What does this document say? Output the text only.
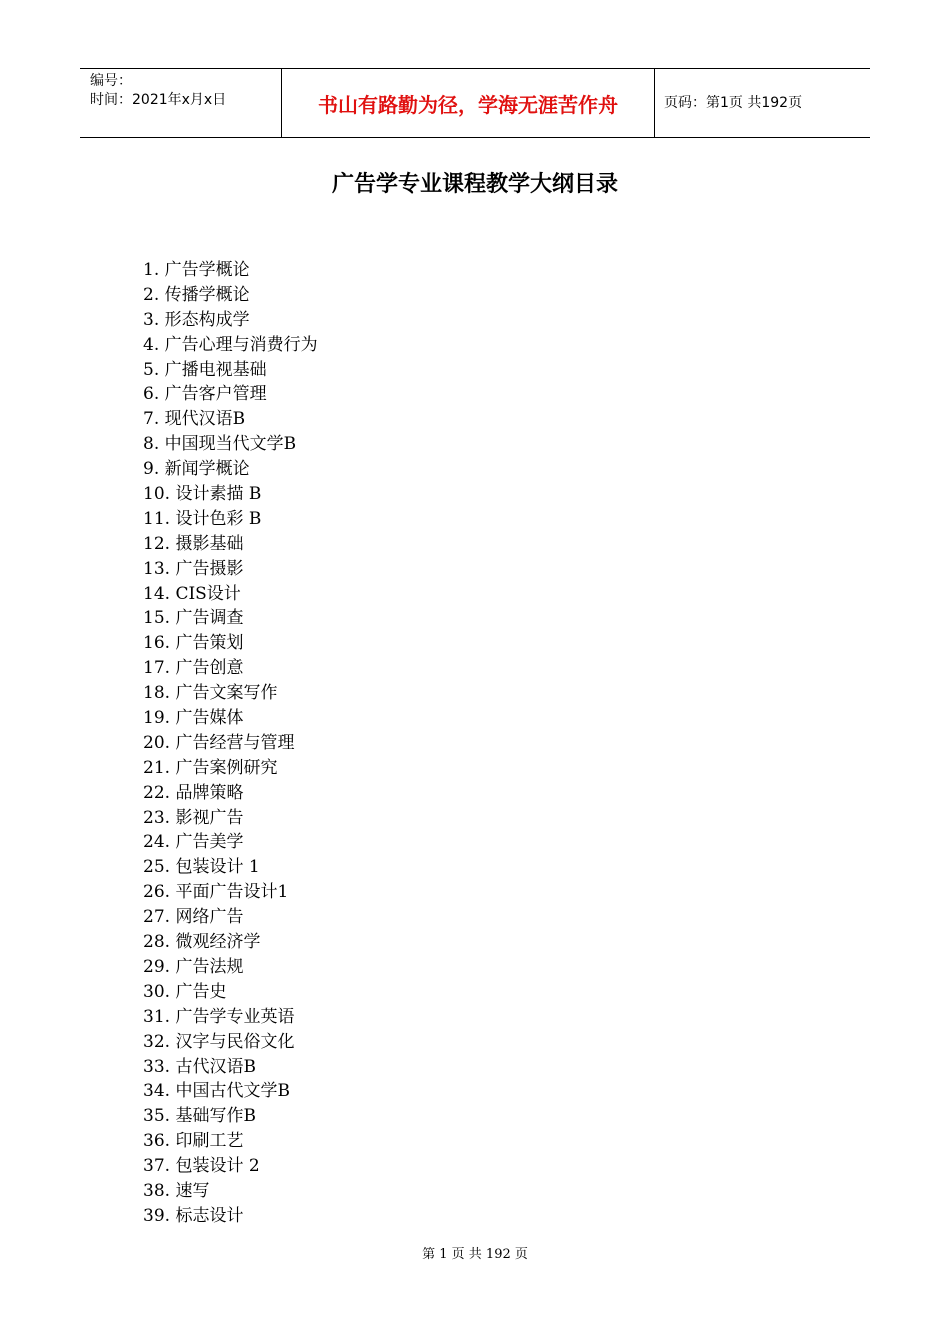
编号：
时间：2021年x月x日	书山有路勤为径，学海无涯苦作舟	页码：第1页 共192页
广告学专业课程教学大纲目录
1. 广告学概论
2. 传播学概论
3. 形态构成学
4. 广告心理与消费行为
5. 广播电视基础
6. 广告客户管理
7. 现代汉语B
8. 中国现当代文学B
9. 新闻学概论
10. 设计素描 B
11. 设计色彩 B
12. 摄影基础
13. 广告摄影
14. CIS设计
15. 广告调查
16. 广告策划
17. 广告创意
18. 广告文案写作
19. 广告媒体
20. 广告经营与管理
21. 广告案例研究
22. 品牌策略
23. 影视广告
24. 广告美学
25. 包装设计 1
26. 平面广告设计1
27. 网络广告
28. 微观经济学
29. 广告法规
30. 广告史
31. 广告学专业英语
32. 汉字与民俗文化
33. 古代汉语B
34. 中国古代文学B
35. 基础写作B
36. 印刷工艺
37. 包装设计 2
38. 速写
39. 标志设计
第 1 页 共 192 页
